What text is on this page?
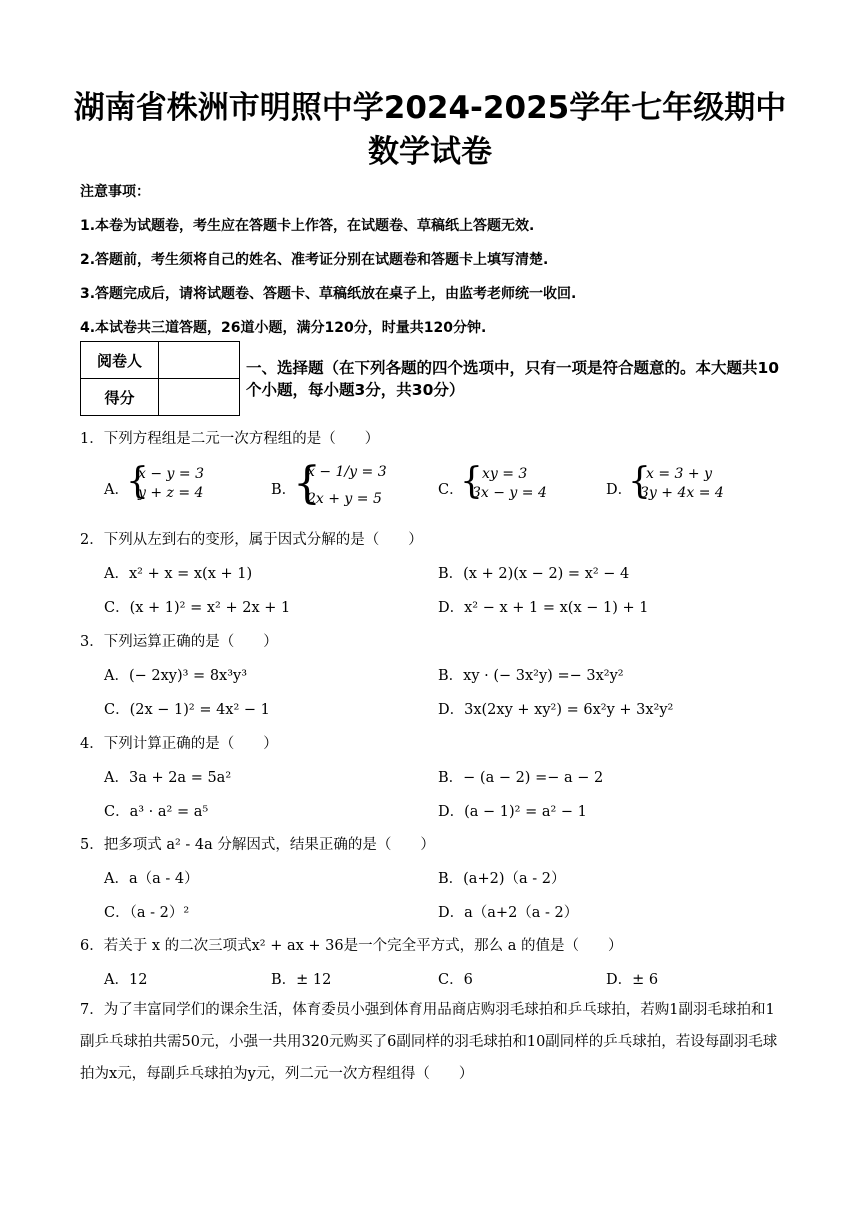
湖南省株洲市明照中学2024-2025学年七年级期中
数学试卷
注意事项：
1.本卷为试题卷，考生应在答题卡上作答，在试题卷、草稿纸上答题无效.
2.答题前，考生须将自己的姓名、准考证分别在试题卷和答题卡上填写清楚.
3.答题完成后，请将试题卷、答题卡、草稿纸放在桌子上，由监考老师统一收回.
4.本试卷共三道答题，26道小题，满分120分，时量共120分钟.
阅卷人	
得分	
一、选择题（在下列各题的四个选项中，只有一项是符合题意的。本大题共10个小题，每小题3分，共30分）
1．下列方程组是二元一次方程组的是（　　）
A．
{
x − y = 3
y + z = 4	B．
{
x − 1/y = 3
2x + y = 5
C．
{ xy = 3
3x − y = 4	D．
{
x = 3 + y
3y + 4x = 4
2．下列从左到右的变形，属于因式分解的是（　　）
A．x² + x = x(x + 1)	B．(x + 2)(x − 2) = x² − 4
C．(x + 1)² = x² + 2x + 1	D．x² − x + 1 = x(x − 1) + 1
3．下列运算正确的是（　　）
A．(− 2xy)³ = 8x³y³	B．xy · (− 3x²y) =− 3x²y²
C．(2x − 1)² = 4x² − 1	D．3x(2xy + xy²) = 6x²y + 3x²y²
4．下列计算正确的是（　　）
A．3a + 2a = 5a²	B．− (a − 2) =− a − 2
C．a³ · a² = a⁵	D．(a − 1)² = a² − 1
5．把多项式 a² - 4a 分解因式，结果正确的是（　　）
A．a（a - 4）	B．(a+2)（a - 2）
C．（a - 2）²	D．a（a+2（a - 2）
6．若关于 x 的二次三项式x² + ax + 36是一个完全平方式，那么 a 的值是（　　）
A．12	B．± 12	C．6	D．± 6
7．为了丰富同学们的课余生活，体育委员小强到体育用品商店购羽毛球拍和乒乓球拍，若购1副羽毛球拍和1副乒乓球拍共需50元，小强一共用320元购买了6副同样的羽毛球拍和10副同样的乒乓球拍，若设每副羽毛球拍为x元，每副乒乓球拍为y元，列二元一次方程组得（　　）
